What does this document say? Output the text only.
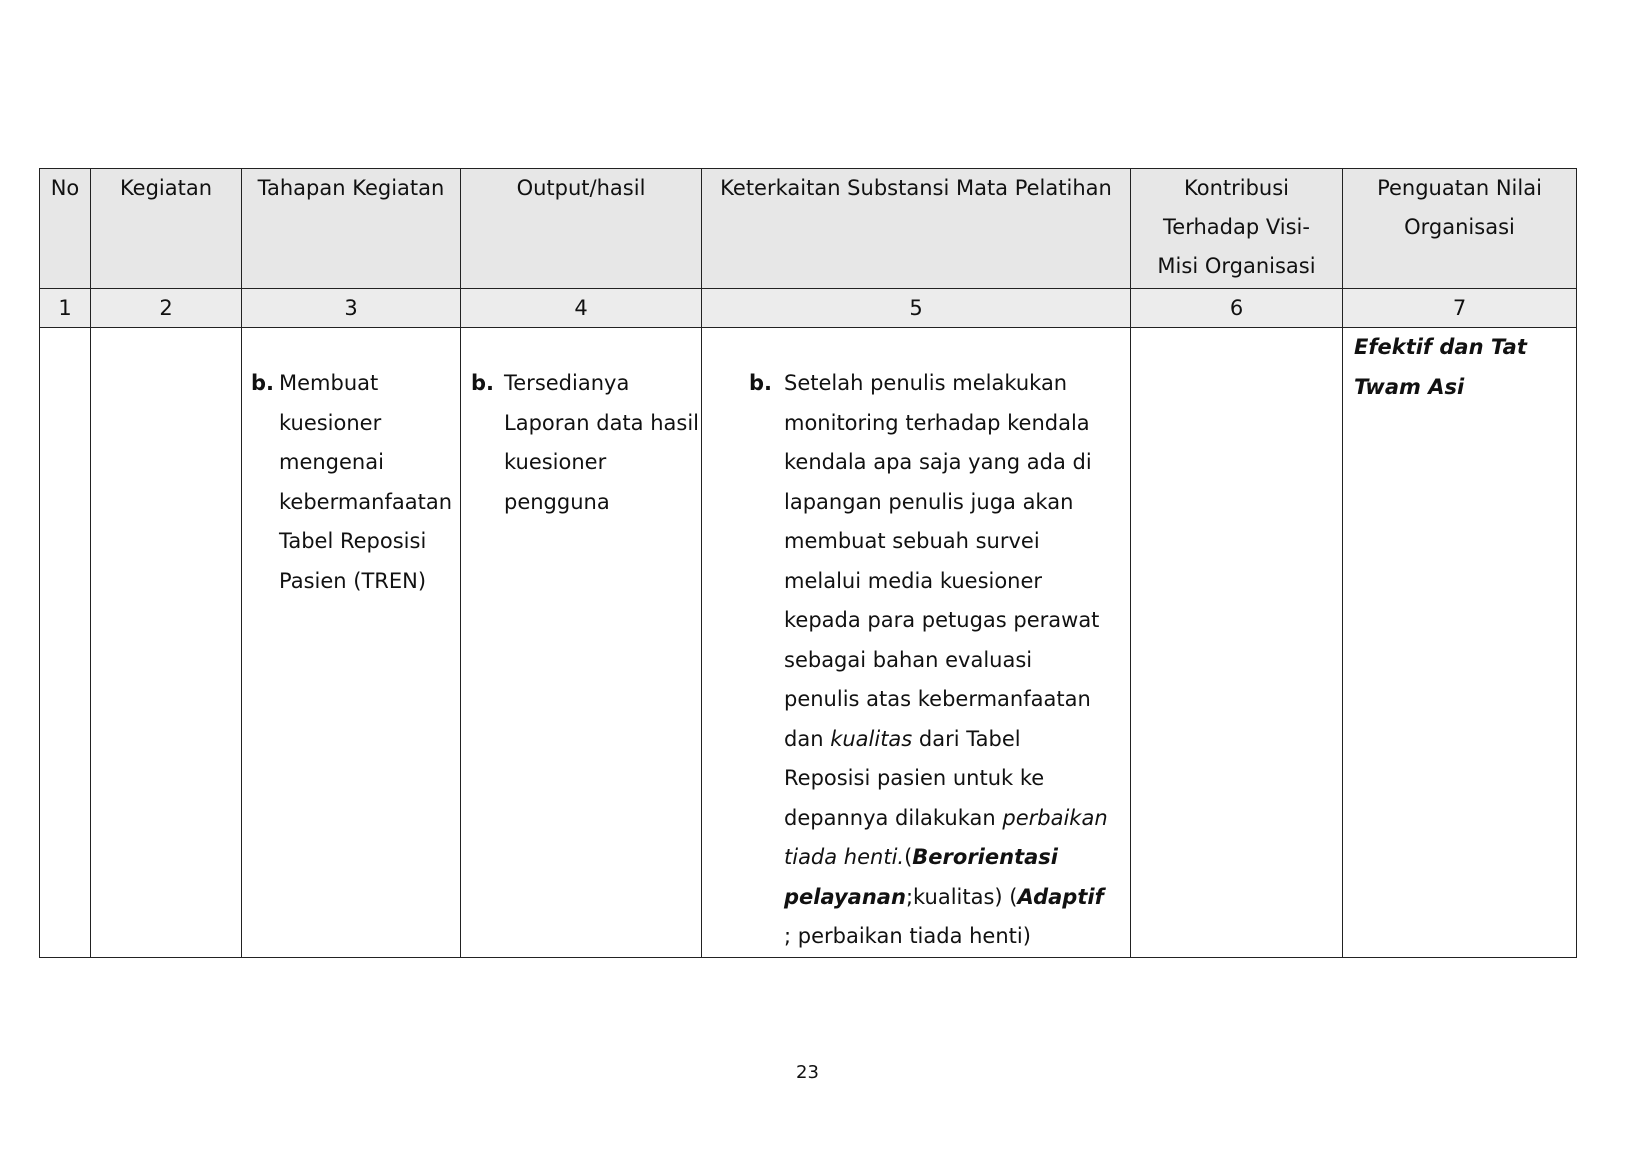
No	Kegiatan	Tahapan Kegiatan	Output/hasil	Keterkaitan Substansi Mata Pelatihan	Kontribusi Terhadap Visi-Misi Organisasi	Penguatan Nilai Organisasi

1	2	3	4	5	6	7

		b. Membuat kuesioner mengenai kebermanfaatan Tabel Reposisi Pasien (TREN)	b. Tersedianya Laporan data hasil kuesioner pengguna	b. Setelah penulis melakukan monitoring terhadap kendala kendala apa saja yang ada di lapangan penulis juga akan membuat sebuah survei melalui media kuesioner kepada para petugas perawat sebagai bahan evaluasi penulis atas kebermanfaatan dan kualitas dari Tabel Reposisi pasien untuk ke depannya dilakukan perbaikan tiada henti.(Berorientasi pelayanan;kualitas) (Adaptif ; perbaikan tiada henti)		Efektif dan Tat Twam Asi
23
